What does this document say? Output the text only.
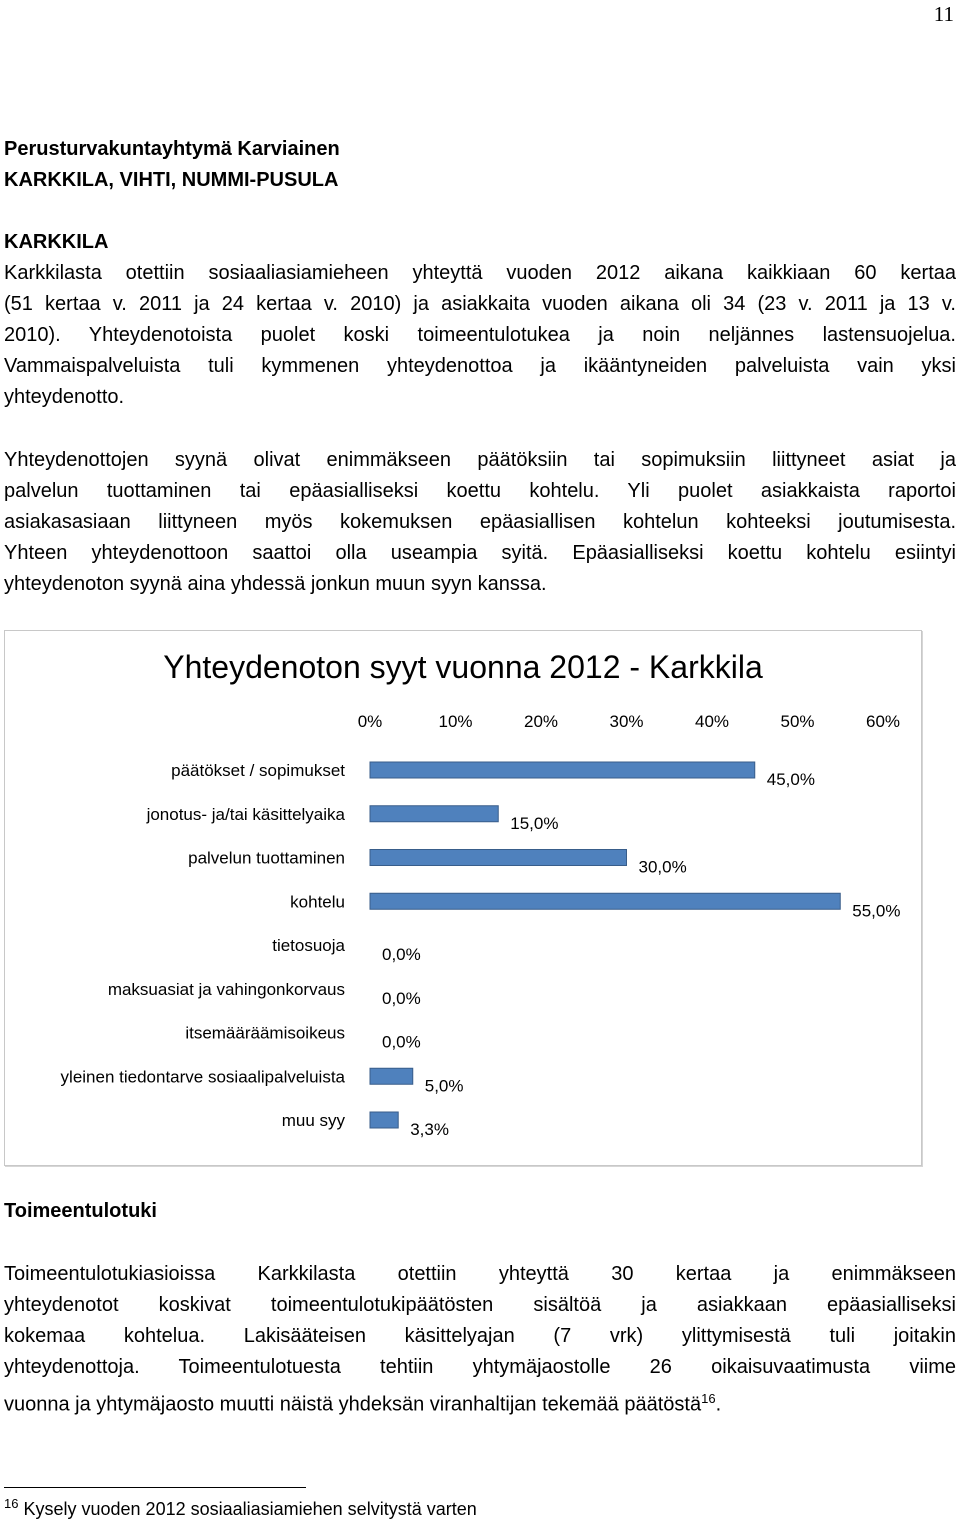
11
Perusturvakuntayhtymä Karviainen
KARKKILA, VIHTI, NUMMI-PUSULA
KARKKILA
Karkkilasta otettiin sosiaaliasiamieheen yhteyttä vuoden 2012 aikana kaikkiaan 60 kertaa
(51 kertaa v. 2011 ja 24 kertaa v. 2010) ja asiakkaita vuoden aikana oli 34 (23 v. 2011 ja 13 v.
2010). Yhteydenotoista puolet koski toimeentulotukea ja noin neljännes lastensuojelua.
Vammaispalveluista tuli kymmenen yhteydenottoa ja ikääntyneiden palveluista vain yksi
yhteydenotto.
Yhteydenottojen syynä olivat enimmäkseen päätöksiin tai sopimuksiin liittyneet asiat ja
palvelun tuottaminen tai epäasialliseksi koettu kohtelu. Yli puolet asiakkaista raportoi
asiakasasiaan liittyneen myös kokemuksen epäasiallisen kohtelun kohteeksi joutumisesta.
Yhteen yhteydenottoon saattoi olla useampia syitä. Epäasialliseksi koettu kohtelu esiintyi
yhteydenoton syynä aina yhdessä jonkun muun syyn kanssa.
Yhteydenoton syyt vuonna 2012 - Karkkila
0%	10%	20%	30%	40%	50%	60%
päätökset / sopimukset	45,0%
jonotus- ja/tai käsittelyaika	15,0%
palvelun tuottaminen	30,0%
kohtelu	55,0%
tietosuoja 0,0%
maksuasiat ja vahingonkorvaus 0,0%
itsemääräämisoikeus 0,0%
yleinen tiedontarve sosiaalipalveluista	5,0%
muu syy	3,3%
Toimeentulotuki
Toimeentulotukiasioissa Karkkilasta otettiin yhteyttä 30 kertaa ja enimmäkseen
yhteydenotot koskivat toimeentulotukipäätösten sisältöä ja asiakkaan epäasialliseksi
kokemaa kohtelua. Lakisääteisen käsittelyajan (7 vrk) ylittymisestä tuli joitakin
yhteydenottoja. Toimeentulotuesta tehtiin yhtymäjaostolle 26 oikaisuvaatimusta viime
vuonna ja yhtymäjaosto muutti näistä yhdeksän viranhaltijan tekemää päätöstä$^{16}$.
$^{16}$ Kysely vuoden 2012 sosiaaliasiamiehen selvitystä varten
